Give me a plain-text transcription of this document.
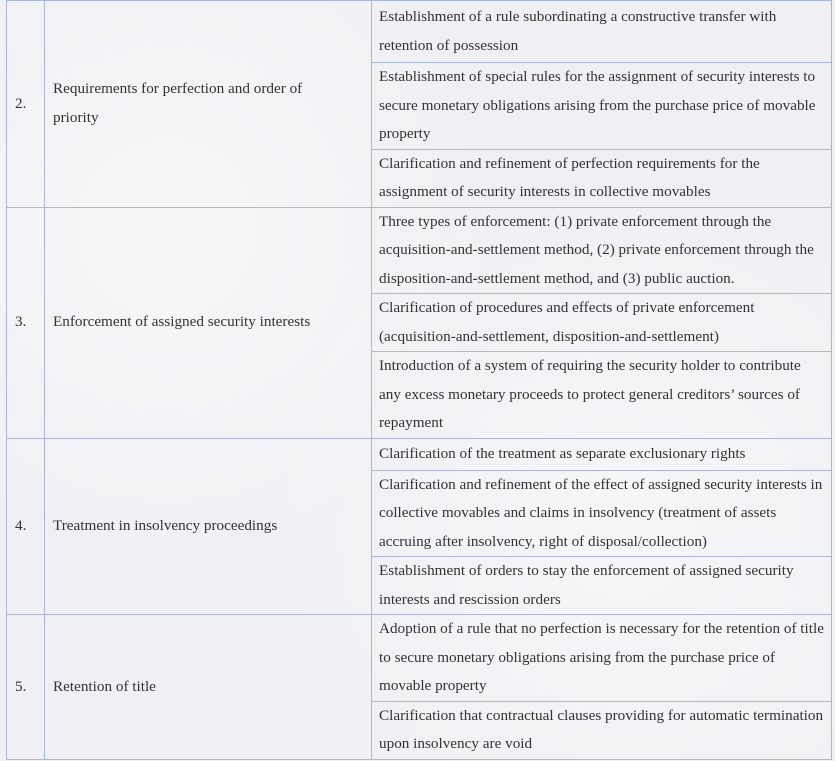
2.	Requirements for perfection and order of priority	Establishment of a rule subordinating a constructive transfer with retention of possession
		Establishment of special rules for the assignment of security interests to secure monetary obligations arising from the purchase price of movable property
		Clarification and refinement of perfection requirements for the assignment of security interests in collective movables
3.	Enforcement of assigned security interests	Three types of enforcement: (1) private enforcement through the acquisition-and-settlement method, (2) private enforcement through the disposition-and-settlement method, and (3) public auction.
		Clarification of procedures and effects of private enforcement (acquisition-and-settlement, disposition-and-settlement)
		Introduction of a system of requiring the security holder to contribute any excess monetary proceeds to protect general creditors’ sources of repayment
4.	Treatment in insolvency proceedings	Clarification of the treatment as separate exclusionary rights
		Clarification and refinement of the effect of assigned security interests in collective movables and claims in insolvency (treatment of assets accruing after insolvency, right of disposal/collection)
		Establishment of orders to stay the enforcement of assigned security interests and rescission orders
5.	Retention of title	Adoption of a rule that no perfection is necessary for the retention of title to secure monetary obligations arising from the purchase price of movable property
		Clarification that contractual clauses providing for automatic termination upon insolvency are void
